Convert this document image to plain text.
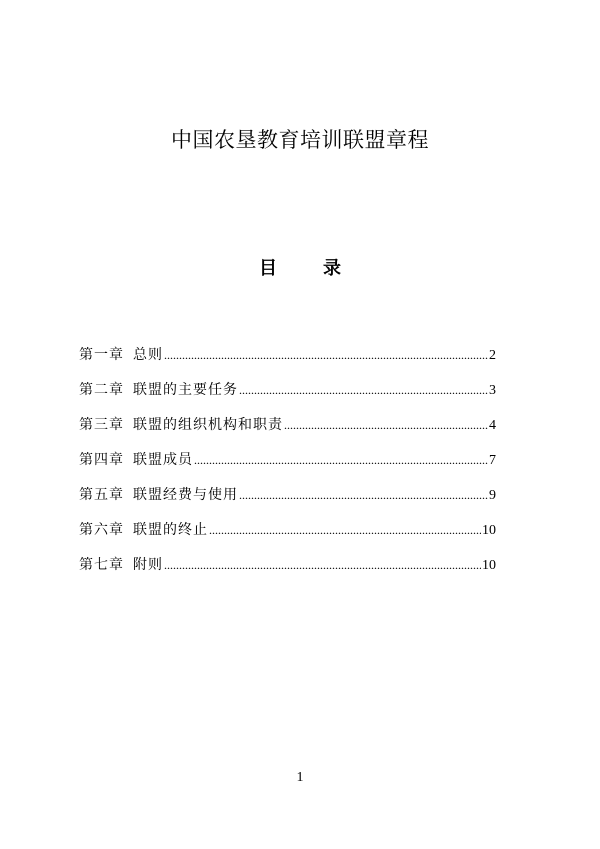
中国农垦教育培训联盟章程
目	录
第一章 总则 .....	2
第二章 联盟的主要任务 .....	3
第三章 联盟的组织机构和职责 .....	4
第四章 联盟成员 .....	7
第五章 联盟经费与使用 .....	9
第六章 联盟的终止 .....	10
第七章 附则 .....	10
1
